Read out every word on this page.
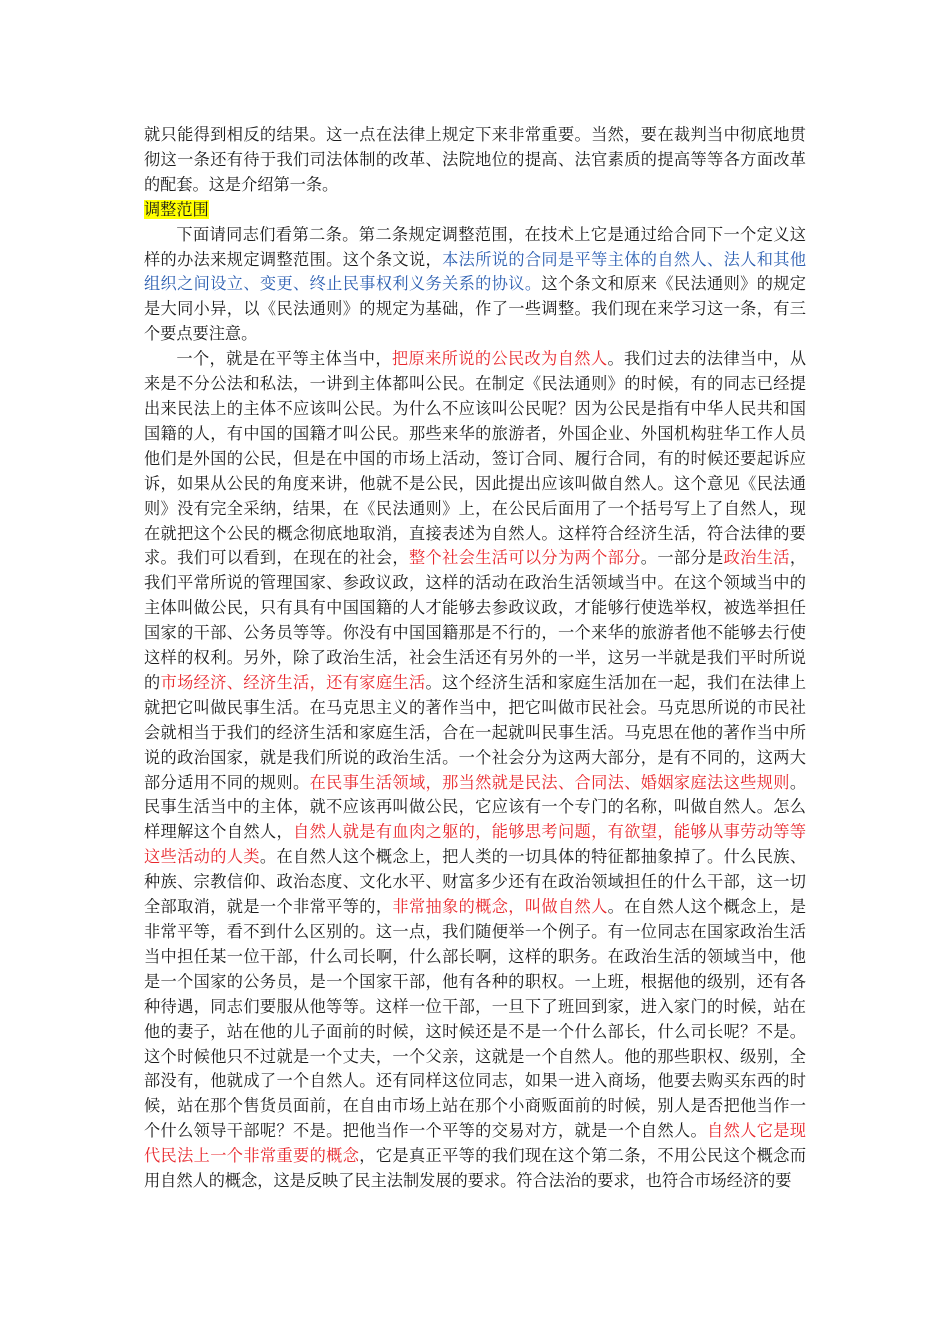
就只能得到相反的结果。这一点在法律上规定下来非常重要。当然，要在裁判当中彻底地贯彻这一条还有待于我们司法体制的改革、法院地位的提高、法官素质的提高等等各方面改革的配套。这是介绍第一条。

调整范围

下面请同志们看第二条。第二条规定调整范围，在技术上它是通过给合同下一个定义这样的办法来规定调整范围。这个条文说，本法所说的合同是平等主体的自然人、法人和其他组织之间设立、变更、终止民事权利义务关系的协议。这个条文和原来《民法通则》的规定是大同小异，以《民法通则》的规定为基础，作了一些调整。我们现在来学习这一条，有三个要点要注意。

一个，就是在平等主体当中，把原来所说的公民改为自然人。我们过去的法律当中，从来是不分公法和私法，一讲到主体都叫公民。在制定《民法通则》的时候，有的同志已经提出来民法上的主体不应该叫公民。为什么不应该叫公民呢？因为公民是指有中华人民共和国国籍的人，有中国的国籍才叫公民。那些来华的旅游者，外国企业、外国机构驻华工作人员他们是外国的公民，但是在中国的市场上活动，签订合同、履行合同，有的时候还要起诉应诉，如果从公民的角度来讲，他就不是公民，因此提出应该叫做自然人。这个意见《民法通则》没有完全采纳，结果，在《民法通则》上，在公民后面用了一个括号写上了自然人，现在就把这个公民的概念彻底地取消，直接表述为自然人。这样符合经济生活，符合法律的要求。我们可以看到，在现在的社会，整个社会生活可以分为两个部分。一部分是政治生活，我们平常所说的管理国家、参政议政，这样的活动在政治生活领域当中。在这个领域当中的主体叫做公民，只有具有中国国籍的人才能够去参政议政，才能够行使选举权，被选举担任国家的干部、公务员等等。你没有中国国籍那是不行的，一个来华的旅游者他不能够去行使这样的权利。另外，除了政治生活，社会生活还有另外的一半，这另一半就是我们平时所说的市场经济、经济生活，还有家庭生活。这个经济生活和家庭生活加在一起，我们在法律上就把它叫做民事生活。在马克思主义的著作当中，把它叫做市民社会。马克思所说的市民社会就相当于我们的经济生活和家庭生活，合在一起就叫民事生活。马克思在他的著作当中所说的政治国家，就是我们所说的政治生活。一个社会分为这两大部分，是有不同的，这两大部分适用不同的规则。在民事生活领域，那当然就是民法、合同法、婚姻家庭法这些规则。民事生活当中的主体，就不应该再叫做公民，它应该有一个专门的名称，叫做自然人。怎么样理解这个自然人，自然人就是有血肉之躯的，能够思考问题，有欲望，能够从事劳动等等这些活动的人类。在自然人这个概念上，把人类的一切具体的特征都抽象掉了。什么民族、种族、宗教信仰、政治态度、文化水平、财富多少还有在政治领域担任的什么干部，这一切全部取消，就是一个非常平等的，非常抽象的概念，叫做自然人。在自然人这个概念上，是非常平等，看不到什么区别的。这一点，我们随便举一个例子。有一位同志在国家政治生活当中担任某一位干部，什么司长啊，什么部长啊，这样的职务。在政治生活的领域当中，他是一个国家的公务员，是一个国家干部，他有各种的职权。一上班，根据他的级别，还有各种待遇，同志们要服从他等等。这样一位干部，一旦下了班回到家，进入家门的时候，站在他的妻子，站在他的儿子面前的时候，这时候还是不是一个什么部长，什么司长呢？不是。这个时候他只不过就是一个丈夫，一个父亲，这就是一个自然人。他的那些职权、级别，全部没有，他就成了一个自然人。还有同样这位同志，如果一进入商场，他要去购买东西的时候，站在那个售货员面前，在自由市场上站在那个小商贩面前的时候，别人是否把他当作一个什么领导干部呢？不是。把他当作一个平等的交易对方，就是一个自然人。自然人它是现代民法上一个非常重要的概念，它是真正平等的我们现在这个第二条，不用公民这个概念而用自然人的概念，这是反映了民主法制发展的要求。符合法治的要求，也符合市场经济的要
